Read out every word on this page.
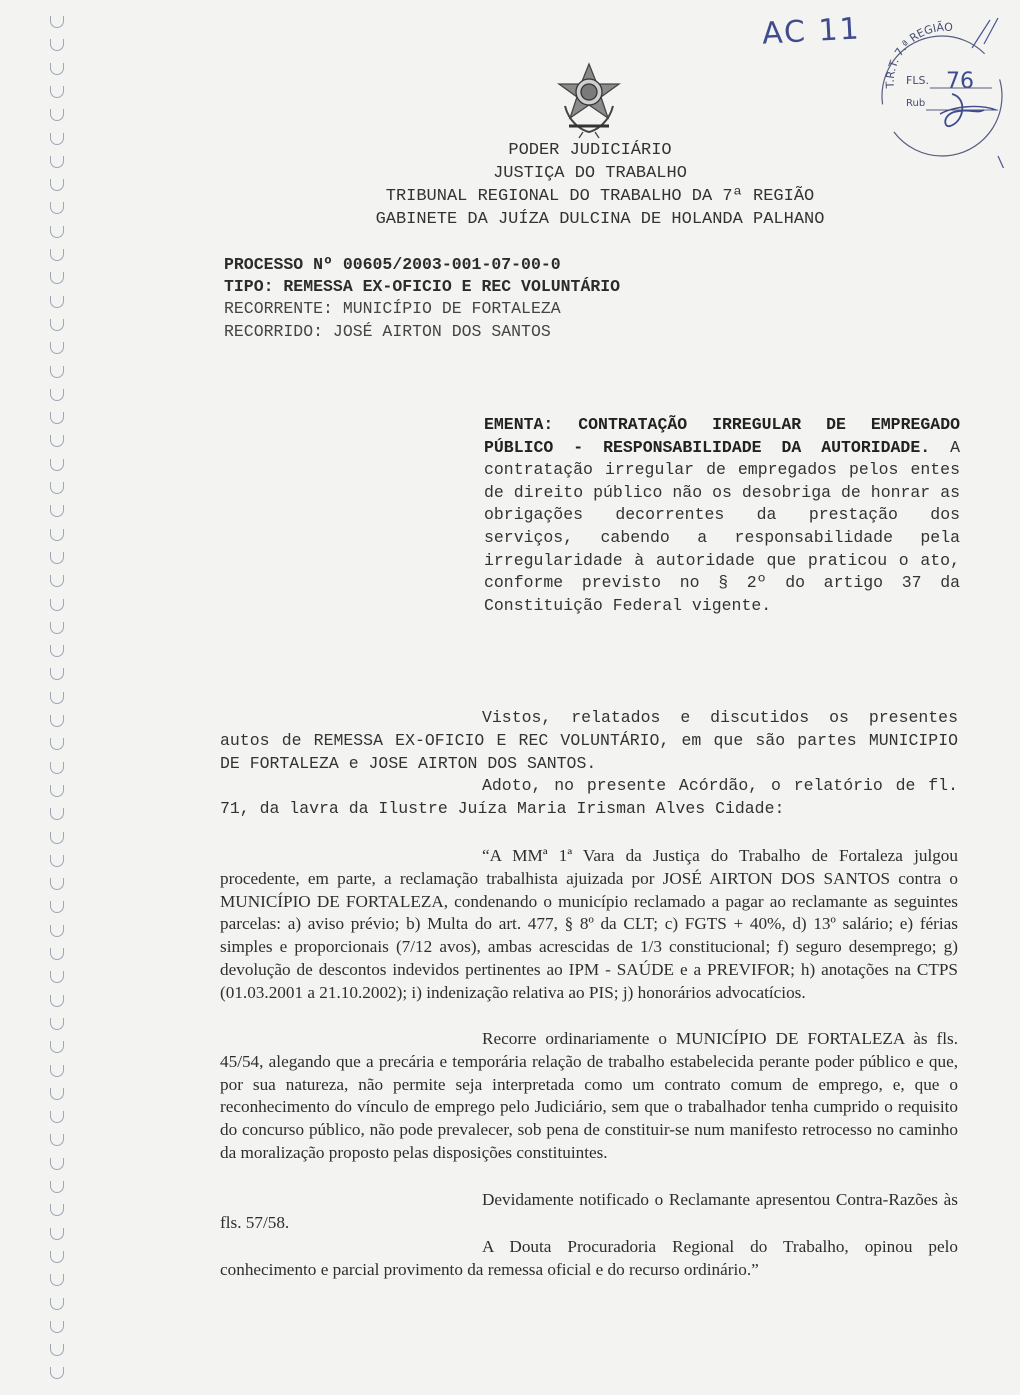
AC 11
T.R.T. 7.ª REGIÃO
FLS. 76
Rub
PODER JUDICIÁRIO
JUSTIÇA DO TRABALHO
TRIBUNAL REGIONAL DO TRABALHO DA 7ª REGIÃO
GABINETE DA JUÍZA DULCINA DE HOLANDA PALHANO
PROCESSO Nº 00605/2003-001-07-00-0
TIPO: REMESSA EX-OFICIO E REC VOLUNTÁRIO
RECORRENTE: MUNICÍPIO DE FORTALEZA
RECORRIDO: JOSÉ AIRTON DOS SANTOS
EMENTA: CONTRATAÇÃO IRREGULAR DE EMPREGADO PÚBLICO - RESPONSABILIDADE DA AUTORIDADE. A contratação irregular de empregados pelos entes de direito público não os desobriga de honrar as obrigações decorrentes da prestação dos serviços, cabendo a responsabilidade pela irregularidade à autoridade que praticou o ato, conforme previsto no § 2º do artigo 37 da Constituição Federal vigente.
Vistos, relatados e discutidos os presentes autos de REMESSA EX-OFICIO E REC VOLUNTÁRIO, em que são partes MUNICIPIO DE FORTALEZA e JOSE AIRTON DOS SANTOS.
Adoto, no presente Acórdão, o relatório de fl. 71, da lavra da Ilustre Juíza Maria Irisman Alves Cidade:
“A MMª 1ª Vara da Justiça do Trabalho de Fortaleza julgou procedente, em parte, a reclamação trabalhista ajuizada por JOSÉ AIRTON DOS SANTOS contra o MUNICÍPIO DE FORTALEZA, condenando o município reclamado a pagar ao reclamante as seguintes parcelas: a) aviso prévio; b) Multa do art. 477, § 8º da CLT; c) FGTS + 40%, d) 13º salário; e) férias simples e proporcionais (7/12 avos), ambas acrescidas de 1/3 constitucional; f) seguro desemprego; g) devolução de descontos indevidos pertinentes ao IPM - SAÚDE e a PREVIFOR; h) anotações na CTPS (01.03.2001 a 21.10.2002); i) indenização relativa ao PIS; j) honorários advocatícios.
Recorre ordinariamente o MUNICÍPIO DE FORTALEZA às fls. 45/54, alegando que a precária e temporária relação de trabalho estabelecida perante poder público e que, por sua natureza, não permite seja interpretada como um contrato comum de emprego, e, que o reconhecimento do vínculo de emprego pelo Judiciário, sem que o trabalhador tenha cumprido o requisito do concurso público, não pode prevalecer, sob pena de constituir-se num manifesto retrocesso no caminho da moralização proposto pelas disposições constituintes.
Devidamente notificado o Reclamante apresentou Contra-Razões às fls. 57/58.
A Douta Procuradoria Regional do Trabalho, opinou pelo conhecimento e parcial provimento da remessa oficial e do recurso ordinário.”
